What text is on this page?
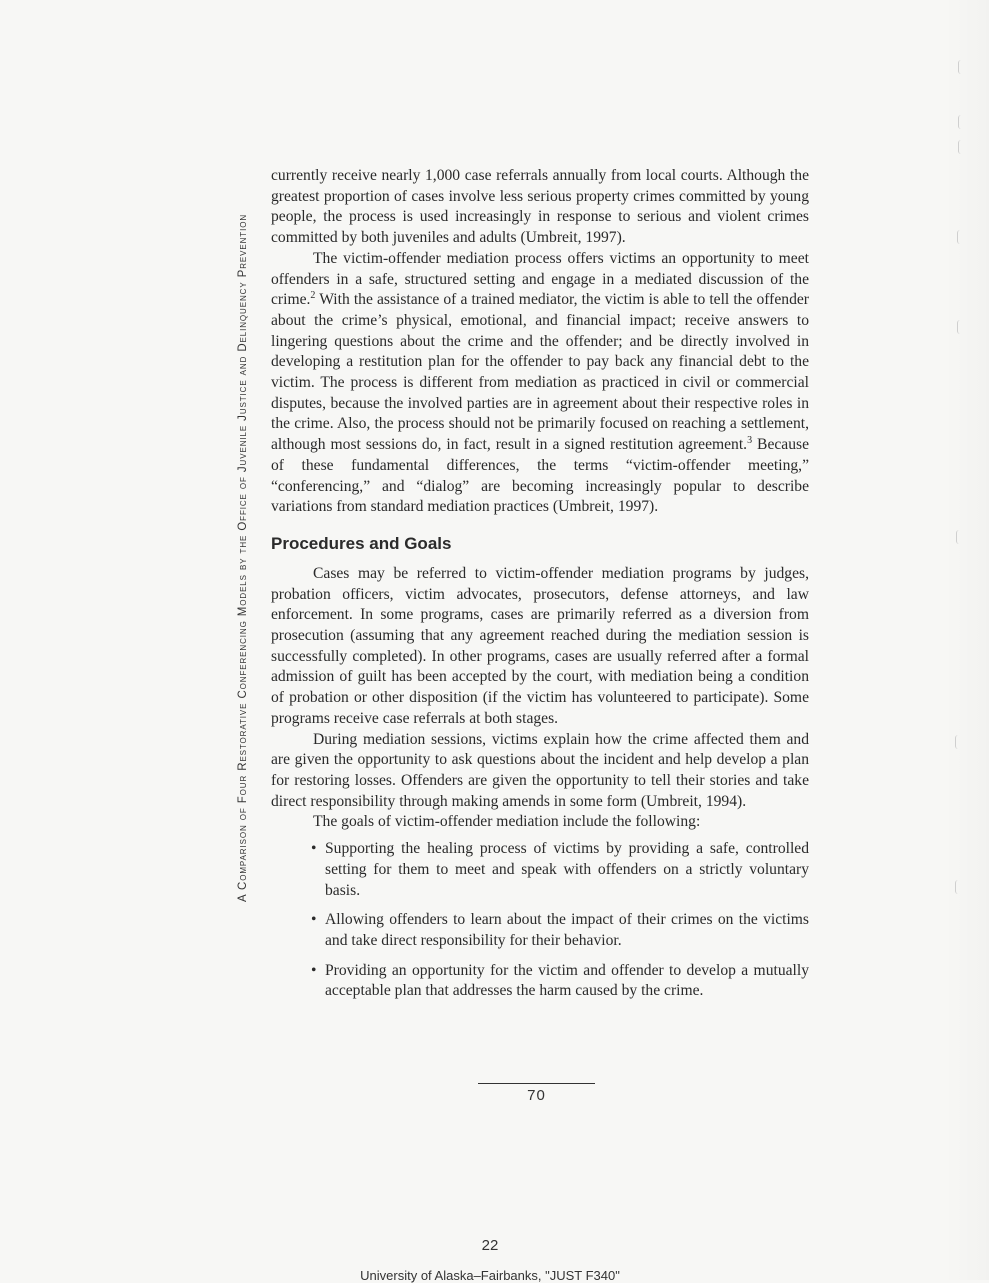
A Comparison of Four Restorative Conferencing Models by the Office of Juvenile Justice and Delinquency Prevention

currently receive nearly 1,000 case referrals annually from local courts. Although the greatest proportion of cases involve less serious property crimes committed by young people, the process is used increasingly in response to serious and violent crimes committed by both juveniles and adults (Umbreit, 1997).

The victim-offender mediation process offers victims an opportunity to meet offenders in a safe, structured setting and engage in a mediated discussion of the crime.$^2$ With the assistance of a trained mediator, the victim is able to tell the offender about the crime’s physical, emotional, and financial impact; receive answers to lingering questions about the crime and the offender; and be directly involved in developing a restitution plan for the offender to pay back any financial debt to the victim. The process is different from mediation as practiced in civil or commercial disputes, because the involved parties are in agreement about their respective roles in the crime. Also, the process should not be primarily focused on reaching a settlement, although most sessions do, in fact, result in a signed restitution agreement.$^3$ Because of these fundamental differences, the terms “victim-offender meeting,” “conferencing,” and “dialog” are becoming increasingly popular to describe variations from standard mediation practices (Umbreit, 1997).

Procedures and Goals

Cases may be referred to victim-offender mediation programs by judges, probation officers, victim advocates, prosecutors, defense attorneys, and law enforcement. In some programs, cases are primarily referred as a diversion from prosecution (assuming that any agreement reached during the mediation session is successfully completed). In other programs, cases are usually referred after a formal admission of guilt has been accepted by the court, with mediation being a condition of probation or other disposition (if the victim has volunteered to participate). Some programs receive case referrals at both stages.

During mediation sessions, victims explain how the crime affected them and are given the opportunity to ask questions about the incident and help develop a plan for restoring losses. Offenders are given the opportunity to tell their stories and take direct responsibility through making amends in some form (Umbreit, 1994).

The goals of victim-offender mediation include the following:

• Supporting the healing process of victims by providing a safe, controlled setting for them to meet and speak with offenders on a strictly voluntary basis.
• Allowing offenders to learn about the impact of their crimes on the victims and take direct responsibility for their behavior.
• Providing an opportunity for the victim and offender to develop a mutually acceptable plan that addresses the harm caused by the crime.
70
22
University of Alaska–Fairbanks, "JUST F340"
